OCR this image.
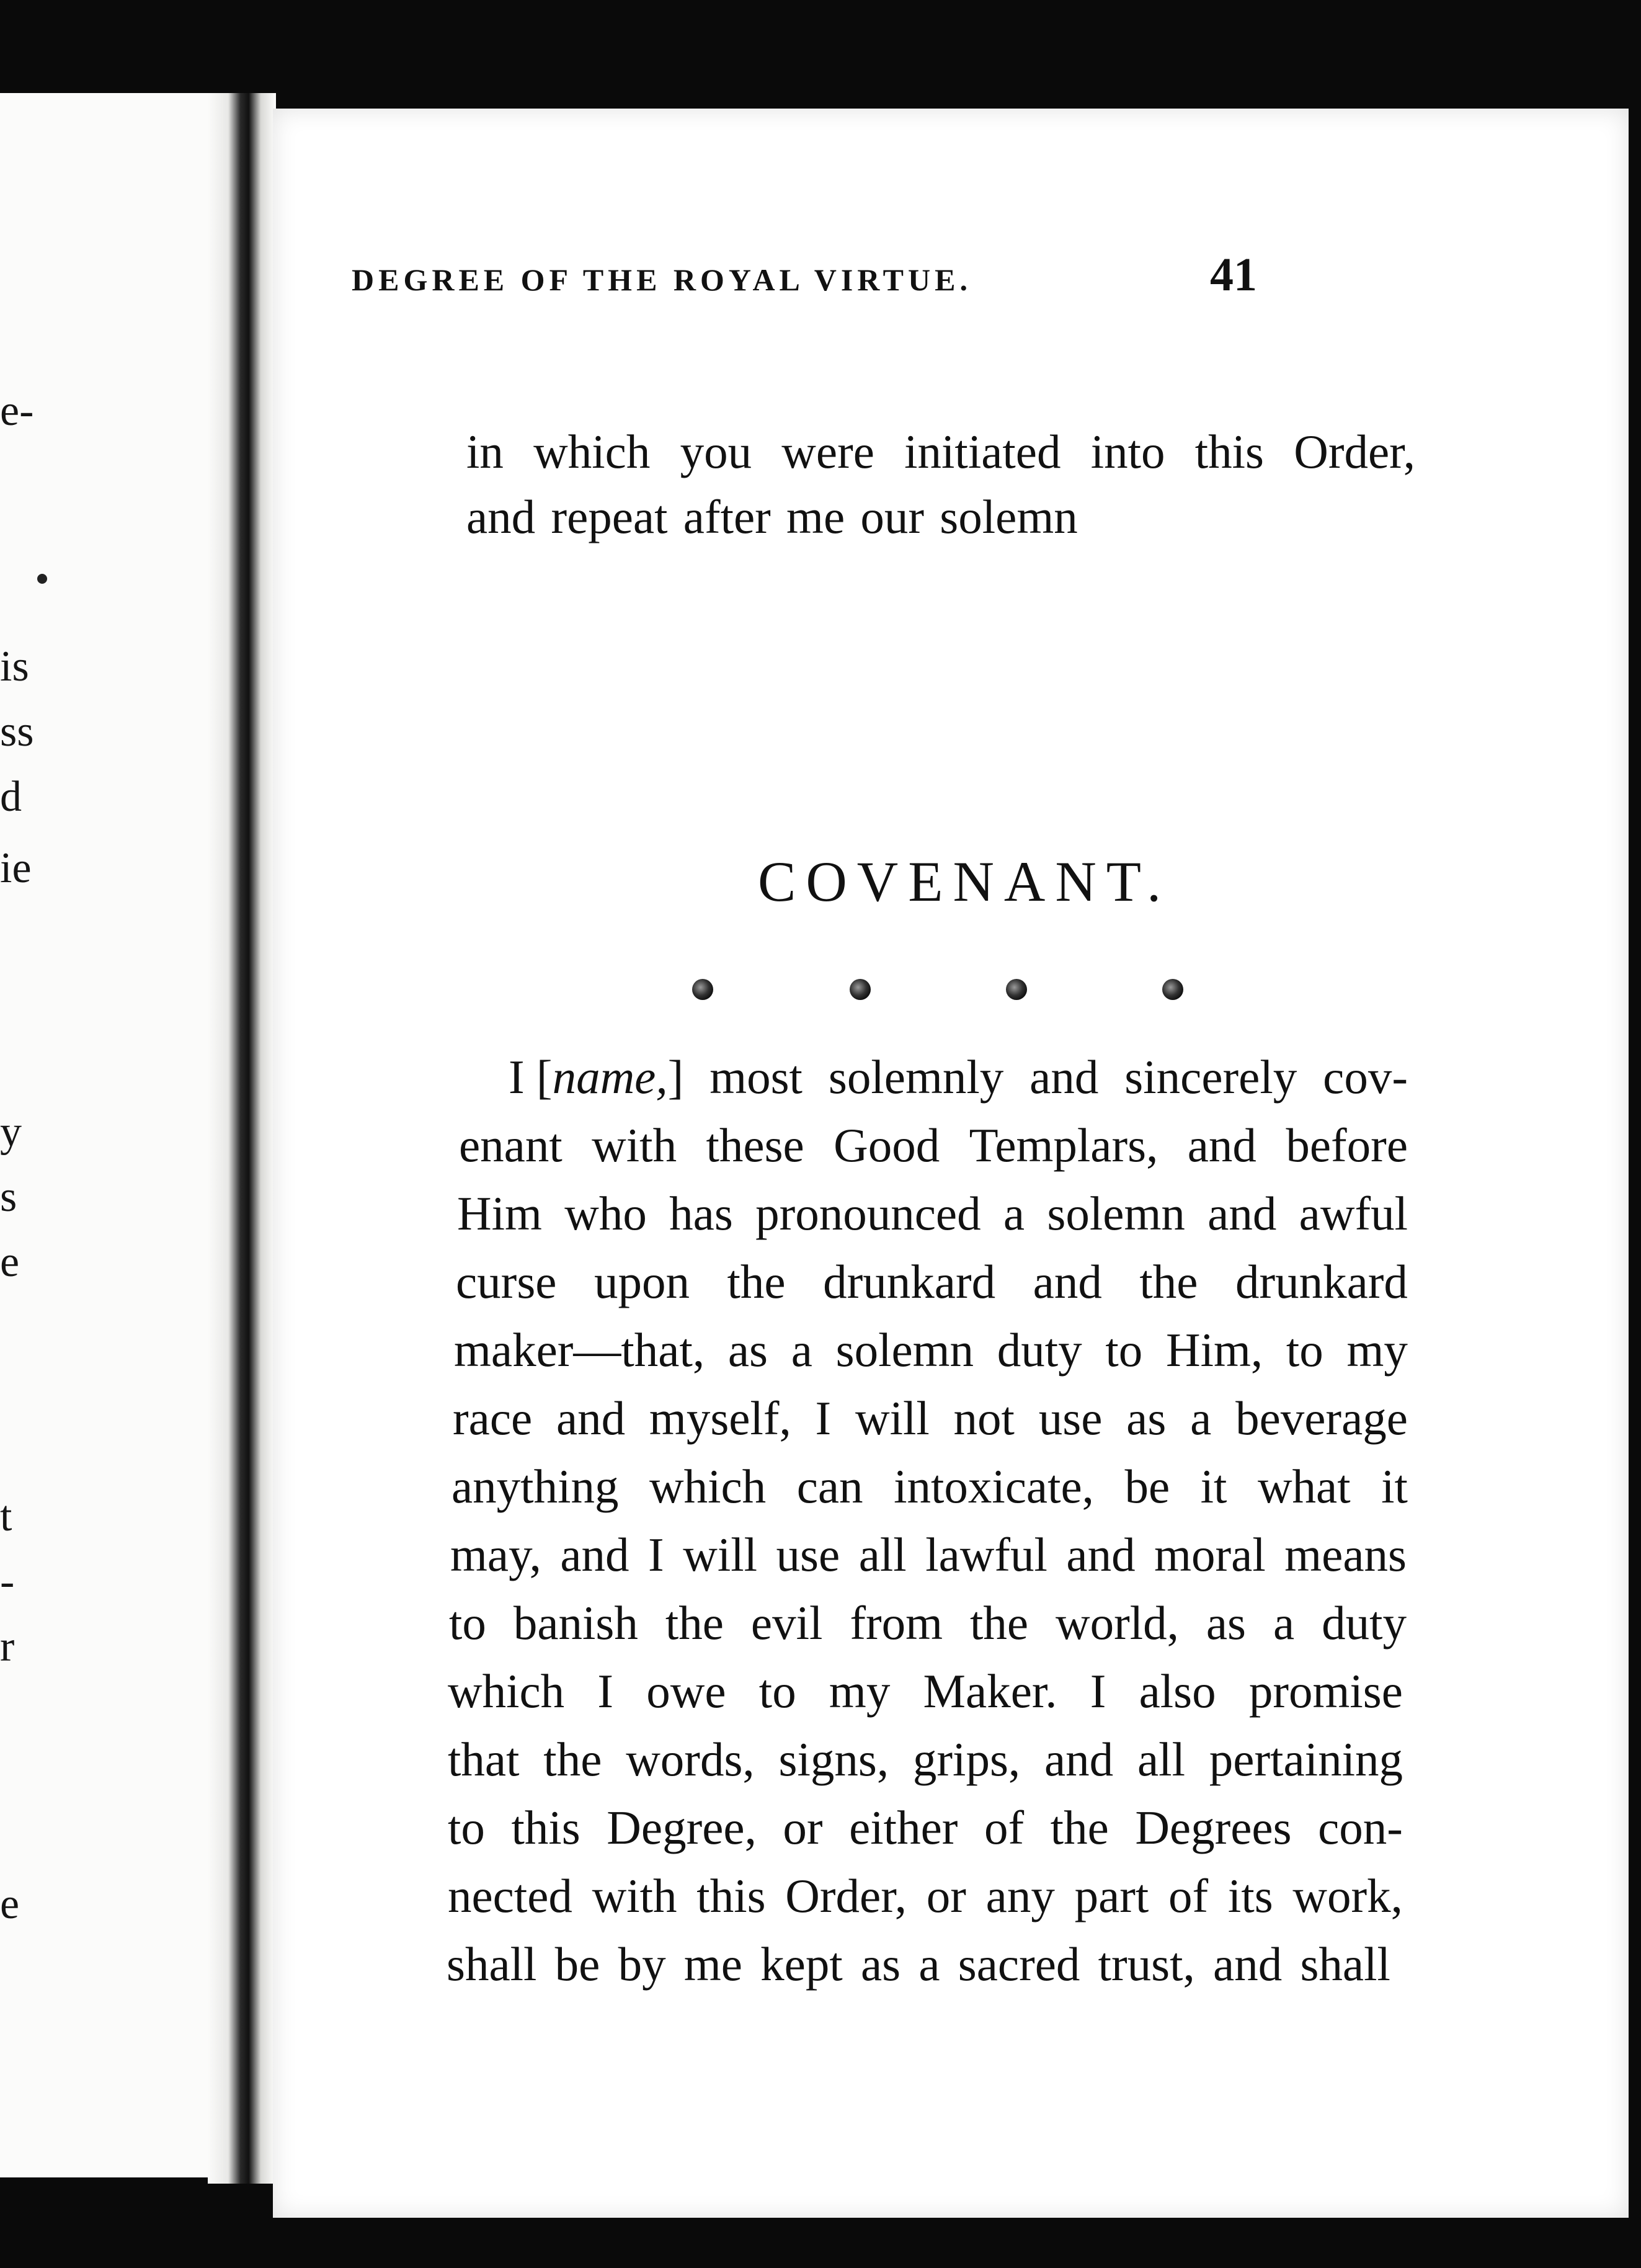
e-
is
ss
d
ie
y
s
e
t
-
r
e
DEGREE OF THE ROYAL VIRTUE.	41
in which you were initiated into this Order,
and repeat after me our solemn
COVENANT.
I [name,] most solemnly and sincerely cov-
enant with these Good Templars, and before
Him who has pronounced a solemn and awful
curse upon the drunkard and the drunkard
maker—that, as a solemn duty to Him, to my
race and myself, I will not use as a beverage
anything which can intoxicate, be it what it
may, and I will use all lawful and moral means
to banish the evil from the world, as a duty
which I owe to my Maker. I also promise
that the words, signs, grips, and all pertaining
to this Degree, or either of the Degrees con-
nected with this Order, or any part of its work,
shall be by me kept as a sacred trust, and shall
